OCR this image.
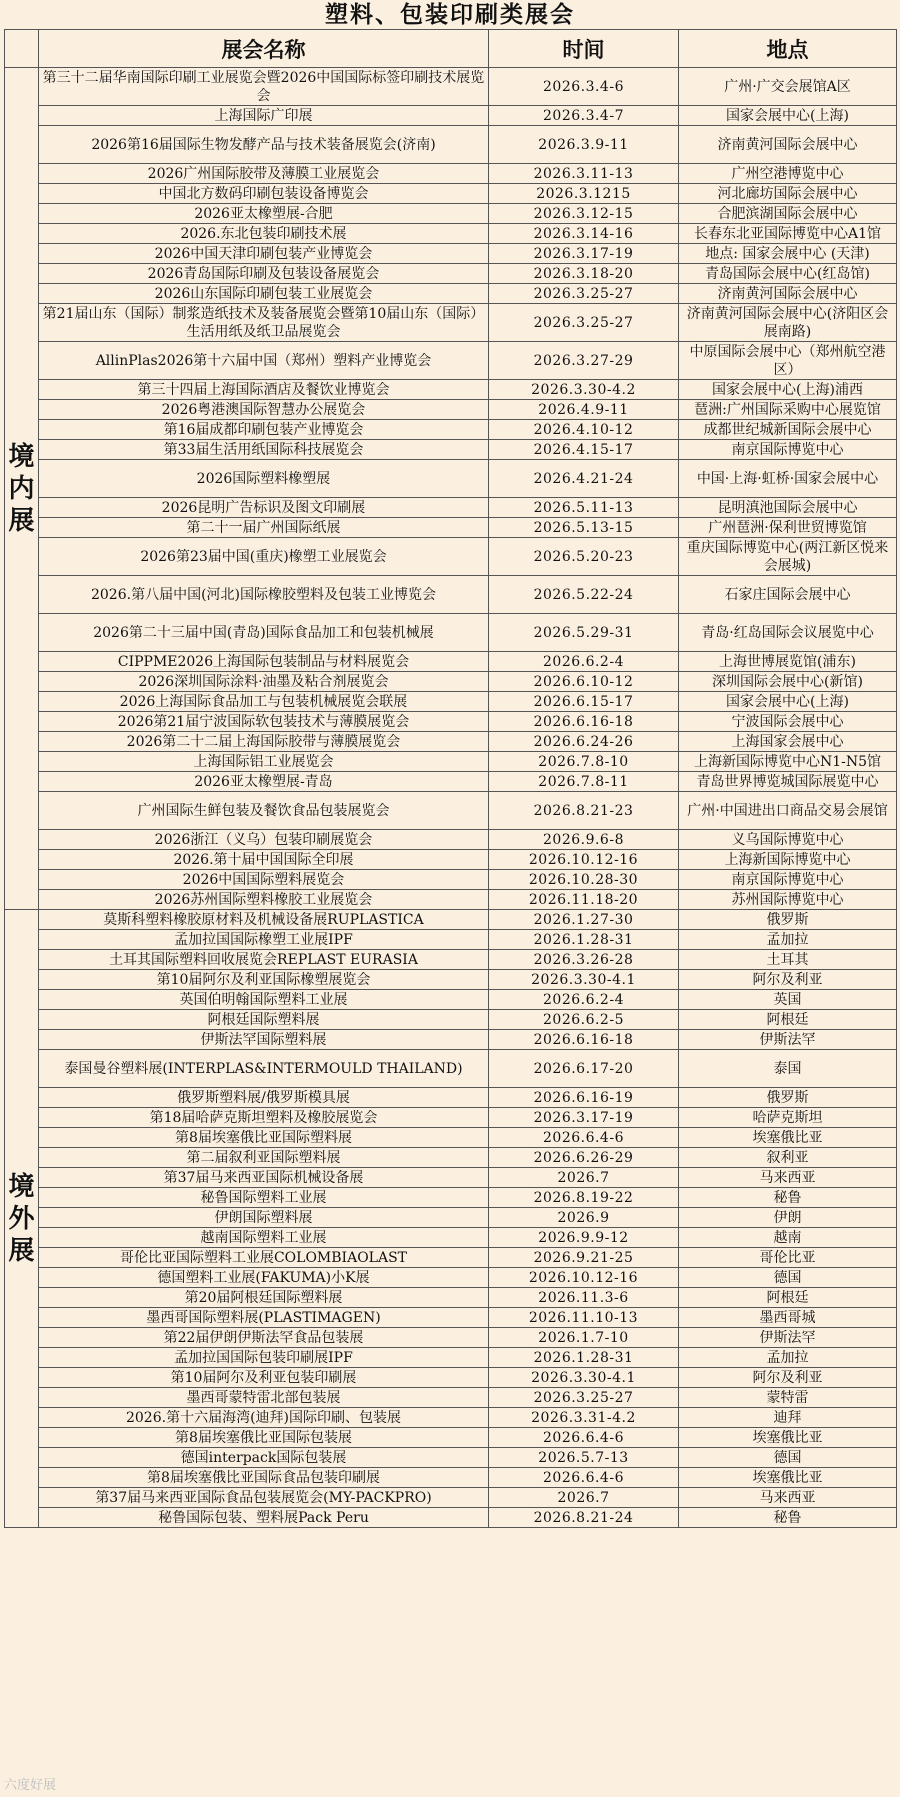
塑料、包装印刷类展会
	展会名称	时间	地点

境
内
展	第三十二届华南国际印刷工业展览会暨2026中国国际标签印刷技术展览会	2026.3.4-6	广州·广交会展馆A区
	上海国际广印展	2026.3.4-7	国家会展中心(上海)
	2026第16届国际生物发酵产品与技术装备展览会(济南)	2026.3.9-11	济南黄河国际会展中心
	2026广州国际胶带及薄膜工业展览会	2026.3.11-13	广州空港博览中心
	中国北方数码印刷包装设备博览会	2026.3.1215	河北廊坊国际会展中心
	2026亚太橡塑展-合肥	2026.3.12-15	合肥滨湖国际会展中心
	2026.东北包装印刷技术展	2026.3.14-16	长春东北亚国际博览中心A1馆
	2026中国天津印刷包装产业博览会	2026.3.17-19	地点: 国家会展中心 (天津)
	2026青岛国际印刷及包装设备展览会	2026.3.18-20	青岛国际会展中心(红岛馆)
	2026山东国际印刷包装工业展览会	2026.3.25-27	济南黄河国际会展中心
	第21届山东（国际）制浆造纸技术及装备展览会暨第10届山东（国际）生活用纸及纸卫品展览会	2026.3.25-27	济南黄河国际会展中心(济阳区会展南路)
	AllinPlas2026第十六届中国（郑州）塑料产业博览会	2026.3.27-29	中原国际会展中心（郑州航空港区）
	第三十四届上海国际酒店及餐饮业博览会	2026.3.30-4.2	国家会展中心(上海)浦西
	2026粤港澳国际智慧办公展览会	2026.4.9-11	琶洲:广州国际采购中心展览馆
	第16届成都印刷包装产业博览会	2026.4.10-12	成都世纪城新国际会展中心
	第33届生活用纸国际科技展览会	2026.4.15-17	南京国际博览中心
	2026国际塑料橡塑展	2026.4.21-24	中国·上海·虹桥·国家会展中心
	2026昆明广告标识及图文印刷展	2026.5.11-13	昆明滇池国际会展中心
	第二十一届广州国际纸展	2026.5.13-15	广州琶洲·保利世贸博览馆
	2026第23届中国(重庆)橡塑工业展览会	2026.5.20-23	重庆国际博览中心(两江新区悦来会展城)
	2026.第八届中国(河北)国际橡胶塑料及包装工业博览会	2026.5.22-24	石家庄国际会展中心
	2026第二十三届中国(青岛)国际食品加工和包装机械展	2026.5.29-31	青岛·红岛国际会议展览中心
	CIPPME2026上海国际包装制品与材料展览会	2026.6.2-4	上海世博展览馆(浦东)
	2026深圳国际涂料·油墨及粘合剂展览会	2026.6.10-12	深圳国际会展中心(新馆)
	2026上海国际食品加工与包装机械展览会联展	2026.6.15-17	国家会展中心(上海)
	2026第21届宁波国际软包装技术与薄膜展览会	2026.6.16-18	宁波国际会展中心
	2026第二十二届上海国际胶带与薄膜展览会	2026.6.24-26	上海国家会展中心
	上海国际铝工业展览会	2026.7.8-10	上海新国际博览中心N1-N5馆
	2026亚太橡塑展-青岛	2026.7.8-11	青岛世界博览城国际展览中心
	广州国际生鲜包装及餐饮食品包装展览会	2026.8.21-23	广州·中国进出口商品交易会展馆
	2026浙江（义乌）包装印刷展览会	2026.9.6-8	义乌国际博览中心
	2026.第十届中国国际全印展	2026.10.12-16	上海新国际博览中心
	2026中国国际塑料展览会	2026.10.28-30	南京国际博览中心
	2026苏州国际塑料橡胶工业展览会	2026.11.18-20	苏州国际博览中心

境
外
展	莫斯科塑料橡胶原材料及机械设备展RUPLASTICA	2026.1.27-30	俄罗斯
	孟加拉国国际橡塑工业展IPF	2026.1.28-31	孟加拉
	土耳其国际塑料回收展览会REPLAST EURASIA	2026.3.26-28	土耳其
	第10届阿尔及利亚国际橡塑展览会	2026.3.30-4.1	阿尔及利亚
	英国伯明翰国际塑料工业展	2026.6.2-4	英国
	阿根廷国际塑料展	2026.6.2-5	阿根廷
	伊斯法罕国际塑料展	2026.6.16-18	伊斯法罕
	泰国曼谷塑料展(INTERPLAS&INTERMOULD THAILAND)	2026.6.17-20	泰国
	俄罗斯塑料展/俄罗斯模具展	2026.6.16-19	俄罗斯
	第18届哈萨克斯坦塑料及橡胶展览会	2026.3.17-19	哈萨克斯坦
	第8届埃塞俄比亚国际塑料展	2026.6.4-6	埃塞俄比亚
	第二届叙利亚国际塑料展	2026.6.26-29	叙利亚
	第37届马来西亚国际机械设备展	2026.7	马来西亚
	秘鲁国际塑料工业展	2026.8.19-22	秘鲁
	伊朗国际塑料展	2026.9	伊朗
	越南国际塑料工业展	2026.9.9-12	越南
	哥伦比亚国际塑料工业展COLOMBIAOLAST	2026.9.21-25	哥伦比亚
	德国塑料工业展(FAKUMA)小K展	2026.10.12-16	德国
	第20届阿根廷国际塑料展	2026.11.3-6	阿根廷
	墨西哥国际塑料展(PLASTIMAGEN)	2026.11.10-13	墨西哥城
	第22届伊朗伊斯法罕食品包装展	2026.1.7-10	伊斯法罕
	孟加拉国国际包装印刷展IPF	2026.1.28-31	孟加拉
	第10届阿尔及利亚包装印刷展	2026.3.30-4.1	阿尔及利亚
	墨西哥蒙特雷北部包装展	2026.3.25-27	蒙特雷
	2026.第十六届海湾(迪拜)国际印刷、包装展	2026.3.31-4.2	迪拜
	第8届埃塞俄比亚国际包装展	2026.6.4-6	埃塞俄比亚
	德国interpack国际包装展	2026.5.7-13	德国
	第8届埃塞俄比亚国际食品包装印刷展	2026.6.4-6	埃塞俄比亚
	第37届马来西亚国际食品包装展览会(MY-PACKPRO)	2026.7	马来西亚
	秘鲁国际包装、塑料展Pack Peru	2026.8.21-24	秘鲁
六度好展
